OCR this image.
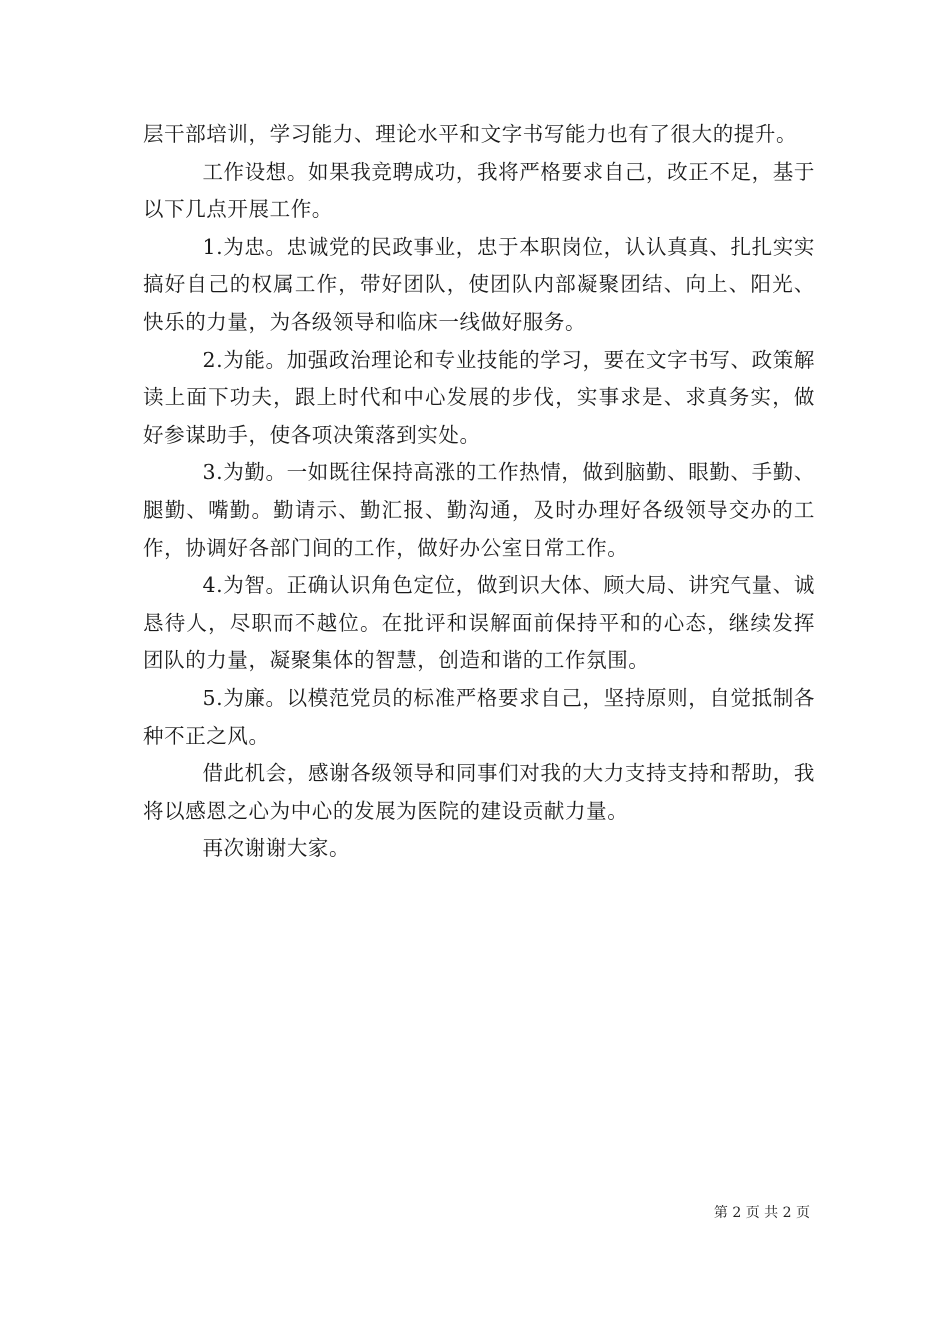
层干部培训，学习能力、理论水平和文字书写能力也有了很大的提升。

工作设想。如果我竞聘成功，我将严格要求自己，改正不足，基于以下几点开展工作。

1.为忠。忠诚党的民政事业，忠于本职岗位，认认真真、扎扎实实搞好自己的权属工作，带好团队，使团队内部凝聚团结、向上、阳光、快乐的力量，为各级领导和临床一线做好服务。

2.为能。加强政治理论和专业技能的学习，要在文字书写、政策解读上面下功夫，跟上时代和中心发展的步伐，实事求是、求真务实，做好参谋助手，使各项决策落到实处。

3.为勤。一如既往保持高涨的工作热情，做到脑勤、眼勤、手勤、腿勤、嘴勤。勤请示、勤汇报、勤沟通，及时办理好各级领导交办的工作，协调好各部门间的工作，做好办公室日常工作。

4.为智。正确认识角色定位，做到识大体、顾大局、讲究气量、诚恳待人，尽职而不越位。在批评和误解面前保持平和的心态，继续发挥团队的力量，凝聚集体的智慧，创造和谐的工作氛围。

5.为廉。以模范党员的标准严格要求自己，坚持原则，自觉抵制各种不正之风。

借此机会，感谢各级领导和同事们对我的大力支持支持和帮助，我将以感恩之心为中心的发展为医院的建设贡献力量。

再次谢谢大家。

第 2 页 共 2 页
